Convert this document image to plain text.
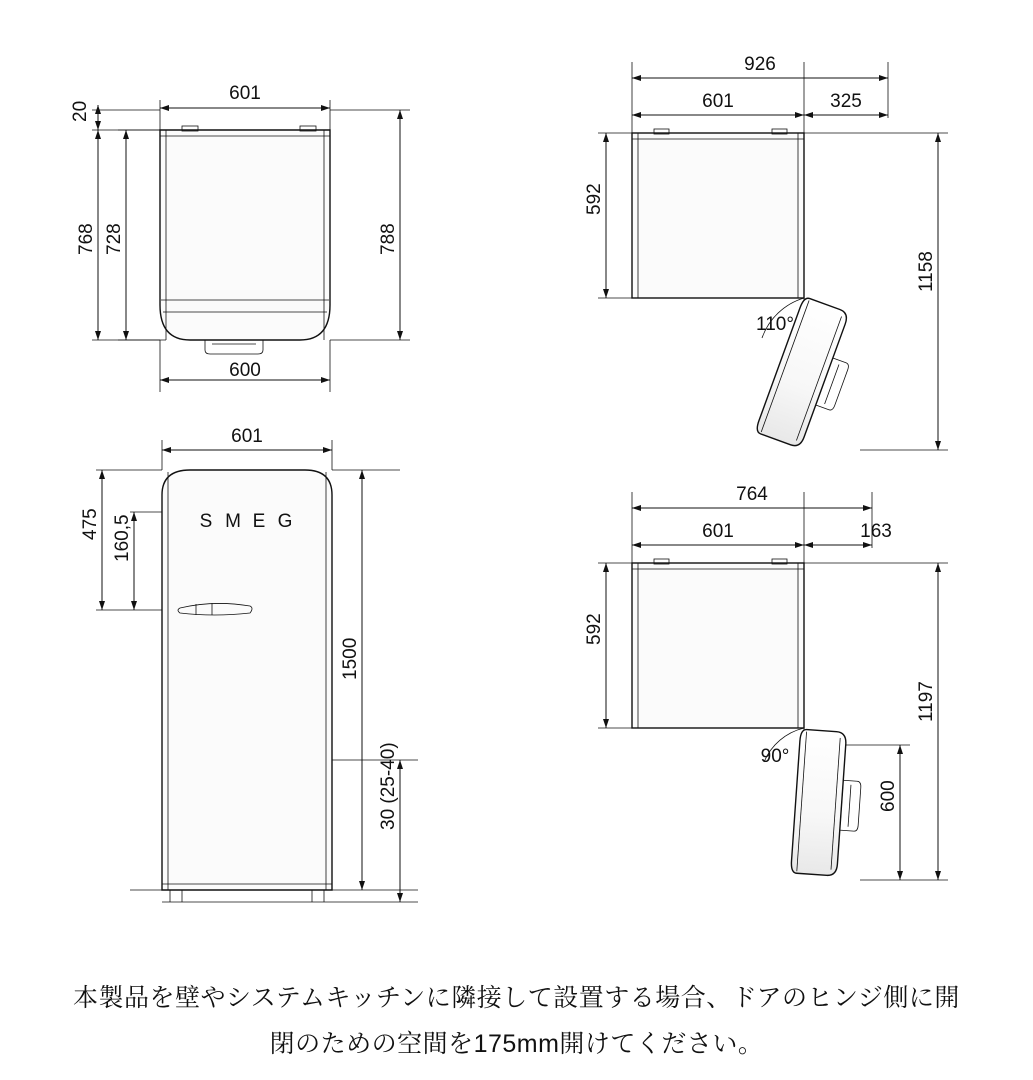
20
768 728	788
601
600
926
601	325
592
1158
110°
S M E G
601
475 160,5
1500
30 (25-40)
764
601	163
592
1197
600
90°
本製品を壁やシステムキッチンに隣接して設置する場合、ドアのヒンジ側に開
閉のための空間を175mm開けてください。
